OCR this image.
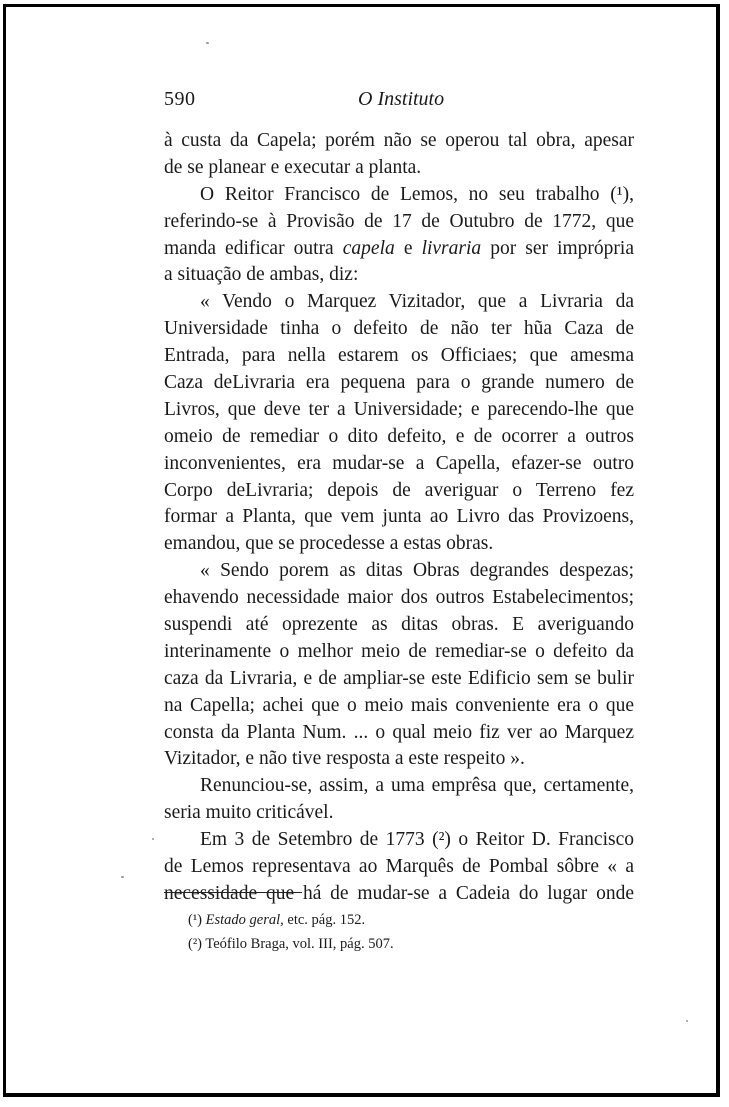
590	O Instituto
à custa da Capela; porém não se operou tal obra, apesar
de se planear e executar a planta.
O Reitor Francisco de Lemos, no seu trabalho (¹),
referindo-se à Provisão de 17 de Outubro de 1772, que
manda edificar outra capela e livraria por ser imprópria
a situação de ambas, diz:
« Vendo o Marquez Vizitador, que a Livraria da
Universidade tinha o defeito de não ter hũa Caza de
Entrada, para nella estarem os Officiaes; que amesma
Caza deLivraria era pequena para o grande numero de
Livros, que deve ter a Universidade; e parecendo-lhe que
omeio de remediar o dito defeito, e de ocorrer a outros
inconvenientes, era mudar-se a Capella, efazer-se outro
Corpo deLivraria; depois de averiguar o Terreno fez
formar a Planta, que vem junta ao Livro das Provizoens,
emandou, que se procedesse a estas obras.
« Sendo porem as ditas Obras degrandes despezas;
ehavendo necessidade maior dos outros Estabelecimentos;
suspendi até oprezente as ditas obras. E averiguando
interinamente o melhor meio de remediar-se o defeito da
caza da Livraria, e de ampliar-se este Edificio sem se bulir
na Capella; achei que o meio mais conveniente era o que
consta da Planta Num. ... o qual meio fiz ver ao Marquez
Vizitador, e não tive resposta a este respeito ».
Renunciou-se, assim, a uma emprêsa que, certamente,
seria muito criticável.
Em 3 de Setembro de 1773 (²) o Reitor D. Francisco
de Lemos representava ao Marquês de Pombal sôbre « a
necessidade que há de mudar-se a Cadeia do lugar onde
(¹) Estado geral, etc. pág. 152.
(²) Teófilo Braga, vol. III, pág. 507.
